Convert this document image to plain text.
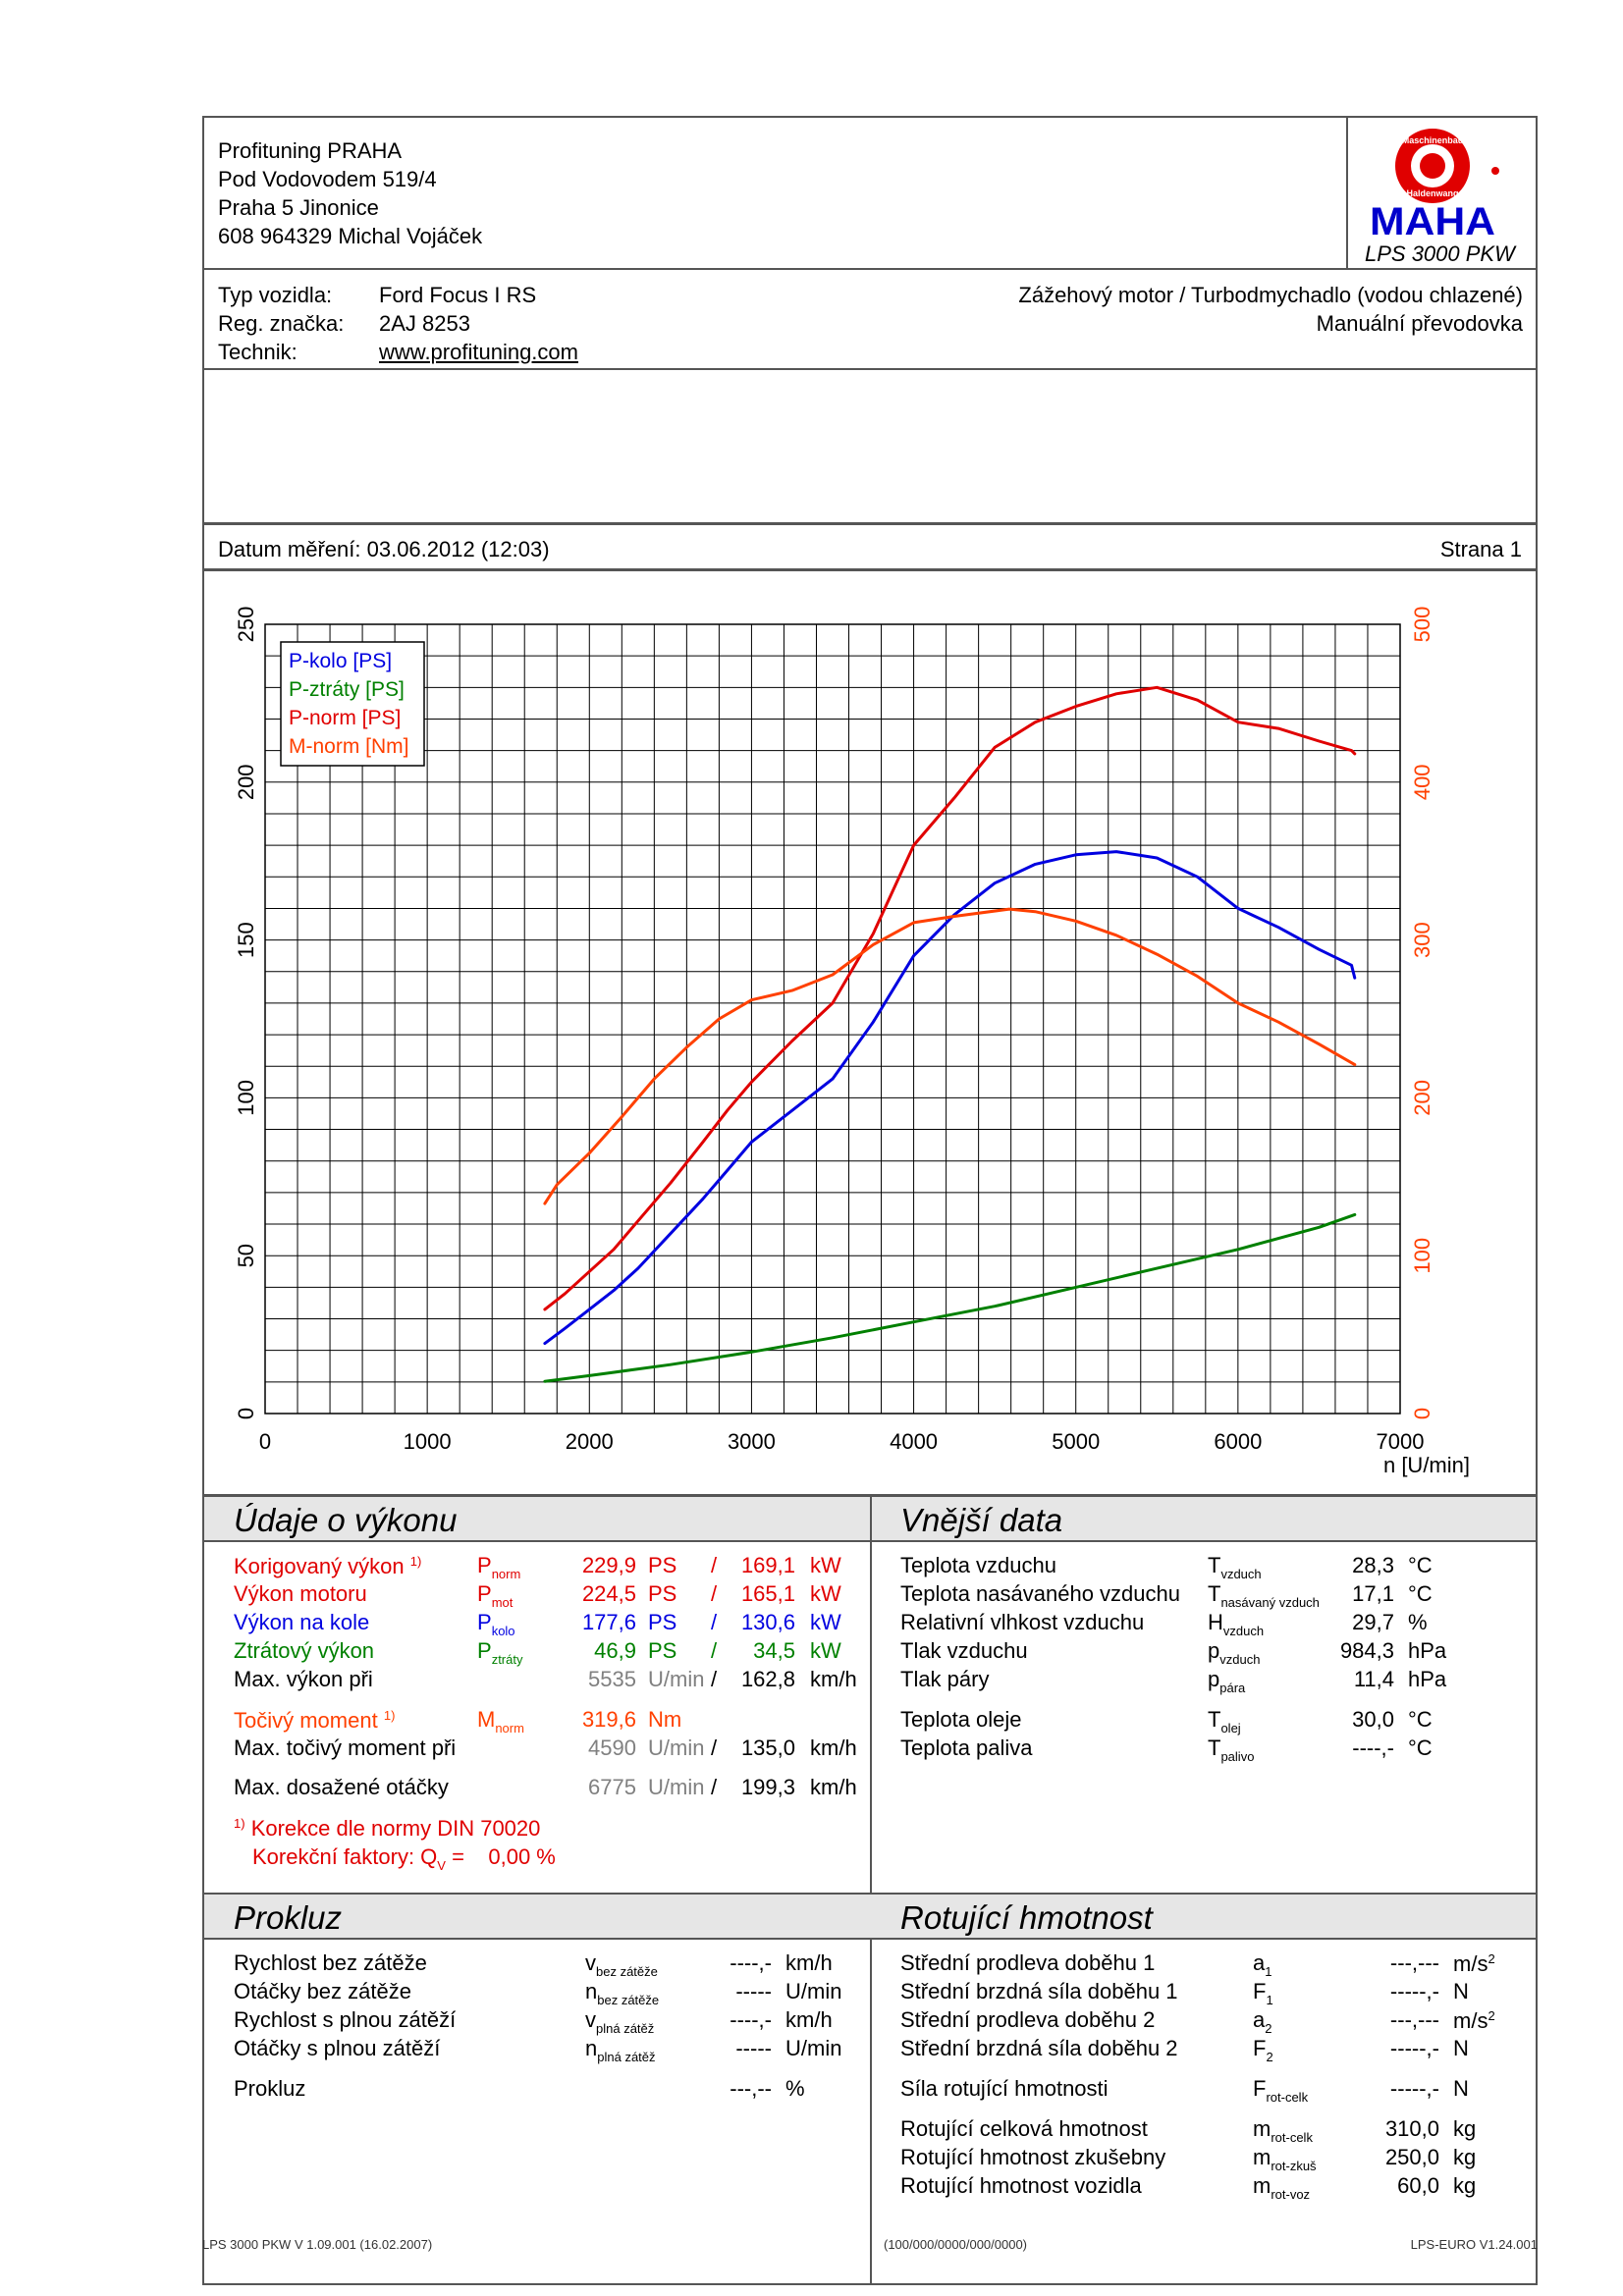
Profituning PRAHA
Pod Vodovodem 519/4
Praha 5 Jinonice
608 964329 Michal Vojáček
Maschinenbau
Haldenwang
MAHA
LPS 3000 PKW
Typ vozidla: Ford Focus I RS
Reg. značka: 2AJ 8253
Technik:	www.profituning.com
Zážehový motor / Turbodmychadlo (vodou chlazené)
Manuální převodovka
Datum měření: 03.06.2012 (12:03)	Strana 1
0	1000	2000	3000	4000	5000	6000	7000
n [U/min]
0
50
100
150
200
250
0
100
200
300
400
500
P-kolo [PS]
P-ztráty [PS]
P-norm [PS]
M-norm [Nm]
Údaje o výkonu	Vnější data
Prokluz	Rotující hmotnost
Korigovaný výkon $^{1)}$	$P_{norm}$	229,9 PS /	169,1 kW
Výkon motoru	$P_{mot}$	224,5 PS /	165,1 kW
Výkon na kole	$P_{kolo}$	177,6 PS /	130,6 kW
Ztrátový výkon	$P_{ztráty}$	46,9 PS /	34,5 kW
Max. výkon při	5535 U/min /	162,8 km/h
Točivý moment $^{1)}$	$M_{norm}$	319,6 Nm
Max. točivý moment při	4590 U/min /	135,0 km/h
Max. dosažené otáčky	6775 U/min /	199,3 km/h
$^{1)}$ Korekce dle normy DIN 70020
Korekční faktory: $Q_V$ =    0,00 %
Teplota vzduchu	$T_{vzduch}$	28,3 °C
Teplota nasávaného vzduchu $T_{nasávaný vzduch}$	17,1 °C
Relativní vlhkost vzduchu	$H_{vzduch}$	29,7 %
Tlak vzduchu	$p_{vzduch}$	984,3 hPa
Tlak páry	$p_{pára}$	11,4 hPa
Teplota oleje	$T_{olej}$	30,0 °C
Teplota paliva	$T_{palivo}$	----,- °C
Rychlost bez zátěže	$v_{bez zátěže}$	----,- km/h
Otáčky bez zátěže	$n_{bez zátěže}$	----- U/min
Rychlost s plnou zátěží	$v_{plná zátěž}$	----,- km/h
Otáčky s plnou zátěží	$n_{plná zátěž}$	----- U/min
Prokluz	---,-- %
Střední prodleva doběhu 1	$a_1$	---,--- $m/s^2$
Střední brzdná síla doběhu 1	$F_1$	-----,- N
Střední prodleva doběhu 2	$a_2$	---,--- $m/s^2$
Střední brzdná síla doběhu 2	$F_2$	-----,- N
Síla rotující hmotnosti	$F_{rot-celk}$	-----,- N
Rotující celková hmotnost	$m_{rot-celk}$	310,0 kg
Rotující hmotnost zkušebny	$m_{rot-zkuš}$	250,0 kg
Rotující hmotnost vozidla	$m_{rot-voz}$	60,0 kg
LPS 3000 PKW V 1.09.001 (16.02.2007)	(100/000/0000/000/0000)	LPS-EURO V1.24.001
